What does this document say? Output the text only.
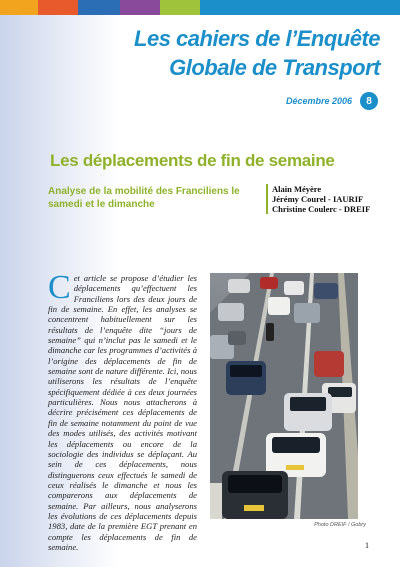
Les cahiers de l’Enquête
Globale de Transport
Décembre 2006	8
Les déplacements de fin de semaine
Analyse de la mobilité des Franciliens le samedi et le dimanche
Alain Méyère
Jérémy Courel - IAURIF
Christine Coulerc - DREIF

Cet article se propose d’étudier les déplacements qu’effectuent les Franciliens lors des deux jours de fin de semaine. En effet, les analyses se concentrent habituellement sur les résultats de l’enquête dite “jours de semaine” qui n’inclut pas le samedi et le dimanche car les programmes d’activités à l’origine des déplacements de fin de semaine sont de nature différente. Ici, nous utiliserons les résultats de l’enquête spécifiquement dédiée à ces deux journées particulières. Nous nous attacherons à décrire précisément ces déplacements de fin de semaine notamment du point de vue des modes utilisés, des activités motivant les déplacements ou encore de la sociologie des individus se déplaçant. Au sein de ces déplacements, nous distinguerons ceux effectués le samedi de ceux réalisés le dimanche et nous les comparerons aux déplacements de semaine. Par ailleurs, nous analyserons les évolutions de ces déplacements depuis 1983, date de la première EGT prenant en compte les déplacements de fin de semaine.

Photo DREIF / Gobry
1
